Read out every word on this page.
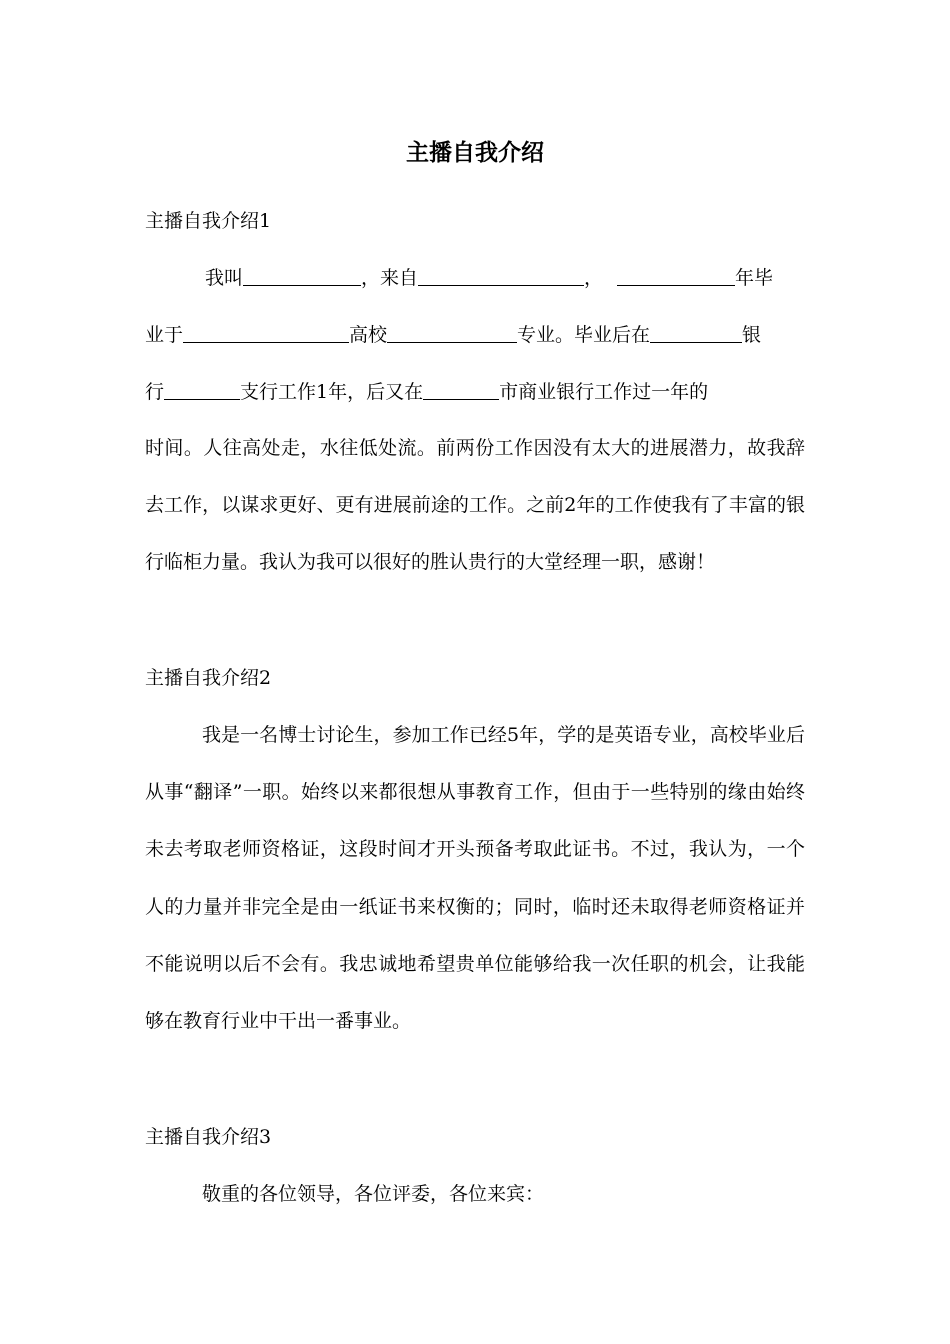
主播自我介绍

主播自我介绍1

我叫	，来自	，	年毕

业于	高校	专业。毕业后在	银

行	支行工作1年，后又在	市商业银行工作过一年的

时间。人往高处走，水往低处流。前两份工作因没有太大的进展潜力，故我辞去工作，以谋求更好、更有进展前途的工作。之前2年的工作使我有了丰富的银行临柜力量。我认为我可以很好的胜认贵行的大堂经理一职，感谢！

主播自我介绍2

我是一名博士讨论生，参加工作已经5年，学的是英语专业，高校毕业后从事“翻译”一职。始终以来都很想从事教育工作，但由于一些特别的缘由始终未去考取老师资格证，这段时间才开头预备考取此证书。不过，我认为，一个人的力量并非完全是由一纸证书来权衡的；同时，临时还未取得老师资格证并不能说明以后不会有。我忠诚地希望贵单位能够给我一次任职的机会，让我能够在教育行业中干出一番事业。

主播自我介绍3

敬重的各位领导，各位评委，各位来宾：
